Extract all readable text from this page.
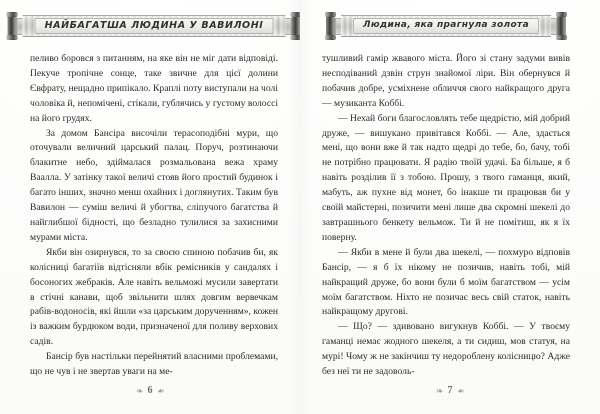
НАЙБАГАТША ЛЮДИНА У ВАВИЛОНІ

пеливо боровся з питанням, на яке він не міг дати відповіді. Пекуче тропічне сонце, таке звичне для цієї долини Євфрату, нещадно припікало. Краплі поту виступали на чолі чоловіка й, непомічені, стікали, гублячись у густому волоссі на його грудях.

За домом Бансіра височіли терасоподібні мури, що оточували величний царський палац. Поруч, розтинаючи блакитне небо, здіймалася розмальована вежа храму Ваалла. У затінку такої величі стояв його простий будинок і багато інших, значно менш охайних і доглянутих. Таким був Вавилон — суміш величі й убогтва, сліпучого багатства й найглибшої бідності, що безладно тулилися за захисними мурами міста.

Якби він озирнувся, то за своєю спиною побачив би, як колісниці багатіїв відтісняли вбік ремісників у сандалях і босоногих жебраків. Але навіть вельможі мусили завертати в стічні канави, щоб звільнити шлях довгим вервечкам рабів-водоносів, які йшли «за царським дорученням», кожен із важким бурдюком води, призначеної для поливу верхових садів.

Бансір був настільки перейнятий власними проблемами, що не чув і не звертав уваги на ме-

❧ 6 ❧
Людина, яка прагнула золота

тушливий гамір жвавого міста. Його зі стану задуми вивів несподіваний дзвін струн знайомої ліри. Він обернувся й побачив добре, усміхнене обличчя свого найкращого друга — музиканта Коббі.

— Нехай боги благословлять тебе щедрістю, мій добрий друже, — вишукано привітався Коббі. — Але, здається мені, що вони вже й так надто щедрі до тебе, бо, бачу, тобі не потрібно працювати. Я радію твоїй удачі. Ба більше, я б навіть розділив її з тобою. Прошу, з твого гаманця, який, мабуть, аж пухне від монет, бо інакше ти працював би у своїй майстерні, позичити мені лише два скромні шекелі до завтрашнього бенкету вельмож. Ти й не помітиш, як я їх поверну.

— Якби в мене й були два шекелі, — похмуро відповів Бансір, — я б їх нікому не позичив, навіть тобі, мій найкращий друже, бо вони були б моїм багатством — усім моїм багатством. Ніхто не позичає весь свій статок, навіть найкращому другові.

— Що? — здивовано вигукнув Коббі. — У твоєму гаманці немає жодного шекеля, а ти сидиш, мов статуя, на мурі! Чому ж не закінчиш ту недороблену колісницю? Адже без неї ти не задоволь-

❧ 7 ❧
